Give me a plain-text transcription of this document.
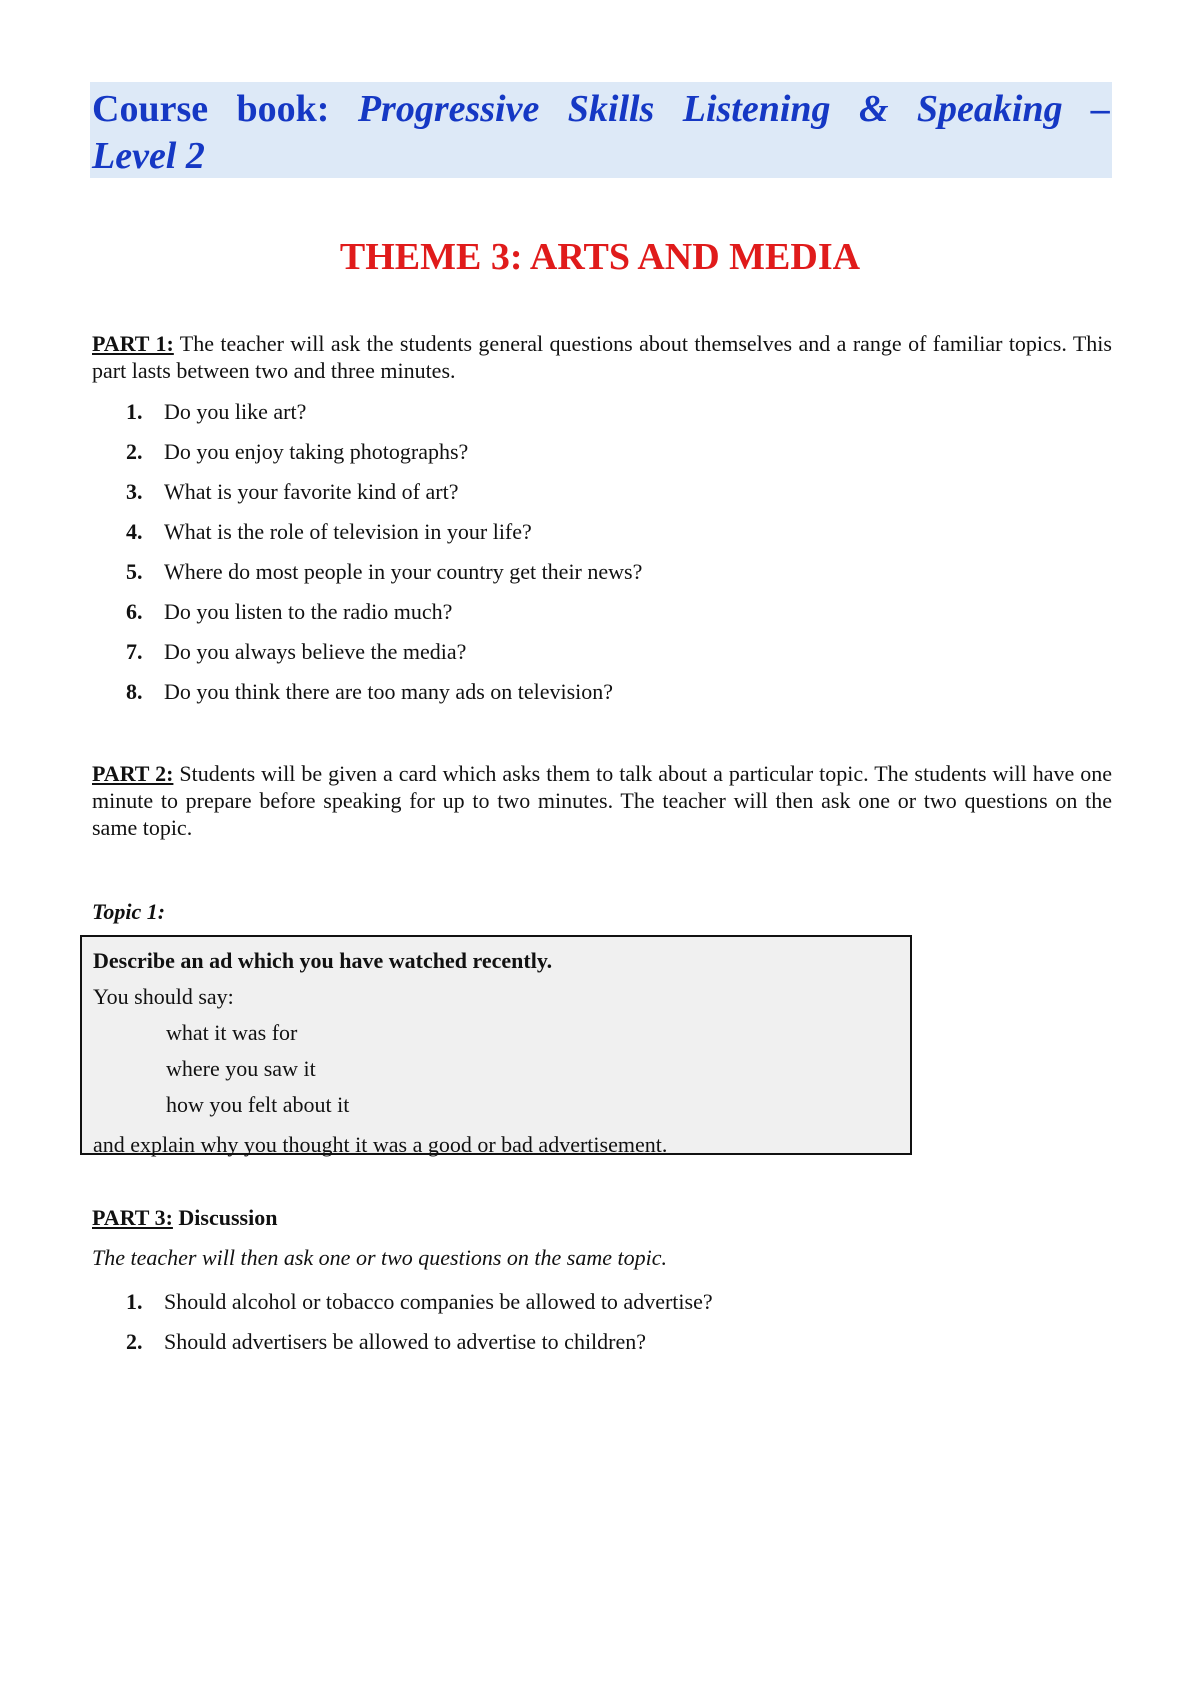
Course book: Progressive Skills Listening & Speaking –
Level 2
THEME 3: ARTS AND MEDIA
PART 1: The teacher will ask the students general questions about themselves and a range of familiar topics. This part lasts between two and three minutes.
1. Do you like art?
2. Do you enjoy taking photographs?
3. What is your favorite kind of art?
4. What is the role of television in your life?
5. Where do most people in your country get their news?
6. Do you listen to the radio much?
7. Do you always believe the media?
8. Do you think there are too many ads on television?
PART 2: Students will be given a card which asks them to talk about a particular topic. The students will have one minute to prepare before speaking for up to two minutes. The teacher will then ask one or two questions on the same topic.
Topic 1:
Describe an ad which you have watched recently.
You should say:
what it was for
where you saw it
how you felt about it
and explain why you thought it was a good or bad advertisement.
PART 3: Discussion
The teacher will then ask one or two questions on the same topic.
1. Should alcohol or tobacco companies be allowed to advertise?
2. Should advertisers be allowed to advertise to children?
